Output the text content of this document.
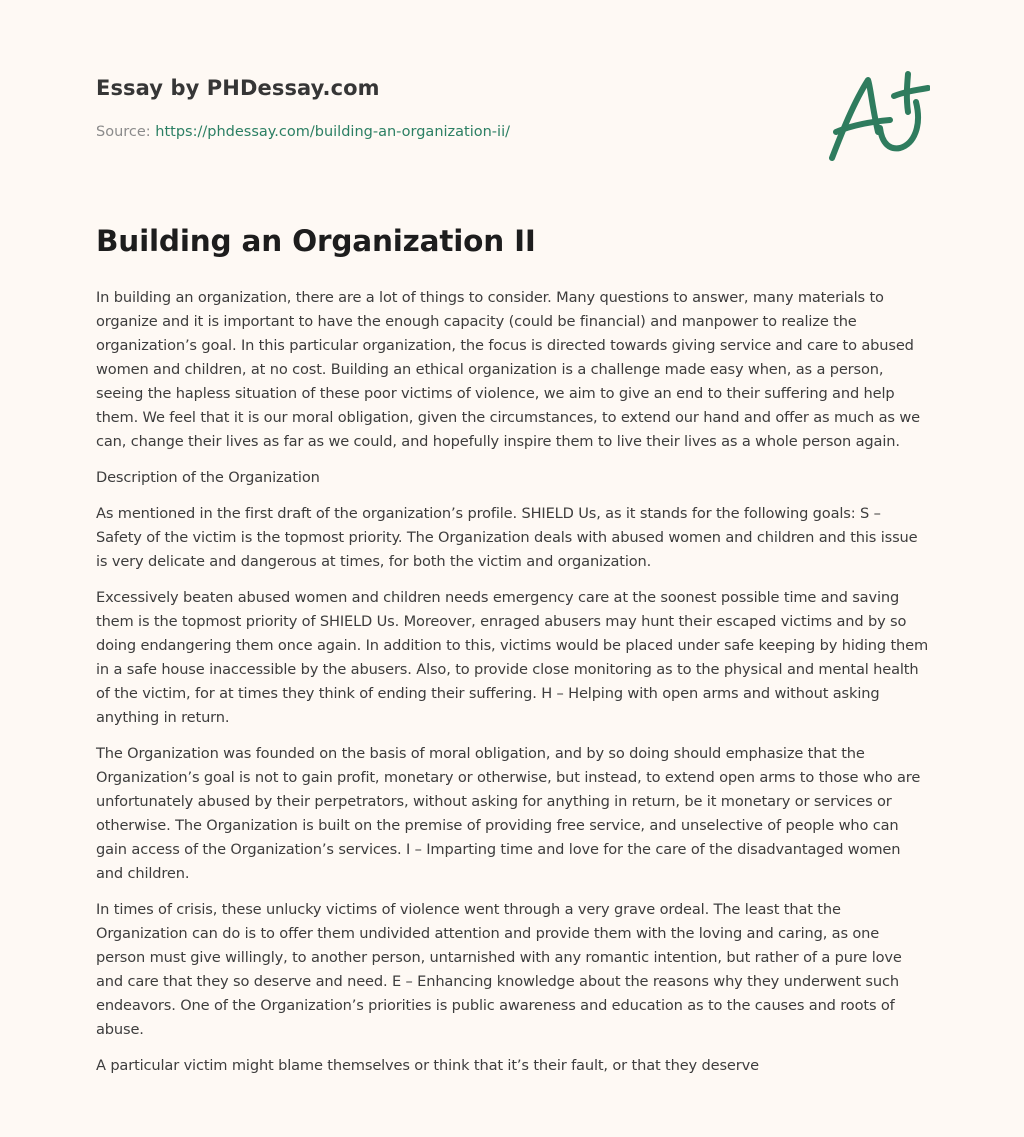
Essay by PHDessay.com
Source: https://phdessay.com/building-an-organization-ii/
Building an Organization II

In building an organization, there are a lot of things to consider. Many questions to answer, many materials to organize and it is important to have the enough capacity (could be financial) and manpower to realize the organization’s goal. In this particular organization, the focus is directed towards giving service and care to abused women and children, at no cost. Building an ethical organization is a challenge made easy when, as a person, seeing the hapless situation of these poor victims of violence, we aim to give an end to their suffering and help them. We feel that it is our moral obligation, given the circumstances, to extend our hand and offer as much as we can, change their lives as far as we could, and hopefully inspire them to live their lives as a whole person again.

Description of the Organization

As mentioned in the first draft of the organization’s profile. SHIELD Us, as it stands for the following goals: S – Safety of the victim is the topmost priority. The Organization deals with abused women and children and this issue is very delicate and dangerous at times, for both the victim and organization.

Excessively beaten abused women and children needs emergency care at the soonest possible time and saving them is the topmost priority of SHIELD Us. Moreover, enraged abusers may hunt their escaped victims and by so doing endangering them once again. In addition to this, victims would be placed under safe keeping by hiding them in a safe house inaccessible by the abusers. Also, to provide close monitoring as to the physical and mental health of the victim, for at times they think of ending their suffering. H – Helping with open arms and without asking anything in return.

The Organization was founded on the basis of moral obligation, and by so doing should emphasize that the Organization’s goal is not to gain profit, monetary or otherwise, but instead, to extend open arms to those who are unfortunately abused by their perpetrators, without asking for anything in return, be it monetary or services or otherwise. The Organization is built on the premise of providing free service, and unselective of people who can gain access of the Organization’s services. I – Imparting time and love for the care of the disadvantaged women and children.

In times of crisis, these unlucky victims of violence went through a very grave ordeal. The least that the Organization can do is to offer them undivided attention and provide them with the loving and caring, as one person must give willingly, to another person, untarnished with any romantic intention, but rather of a pure love and care that they so deserve and need. E – Enhancing knowledge about the reasons why they underwent such endeavors. One of the Organization’s priorities is public awareness and education as to the causes and roots of abuse.

A particular victim might blame themselves or think that it’s their fault, or that they deserve
